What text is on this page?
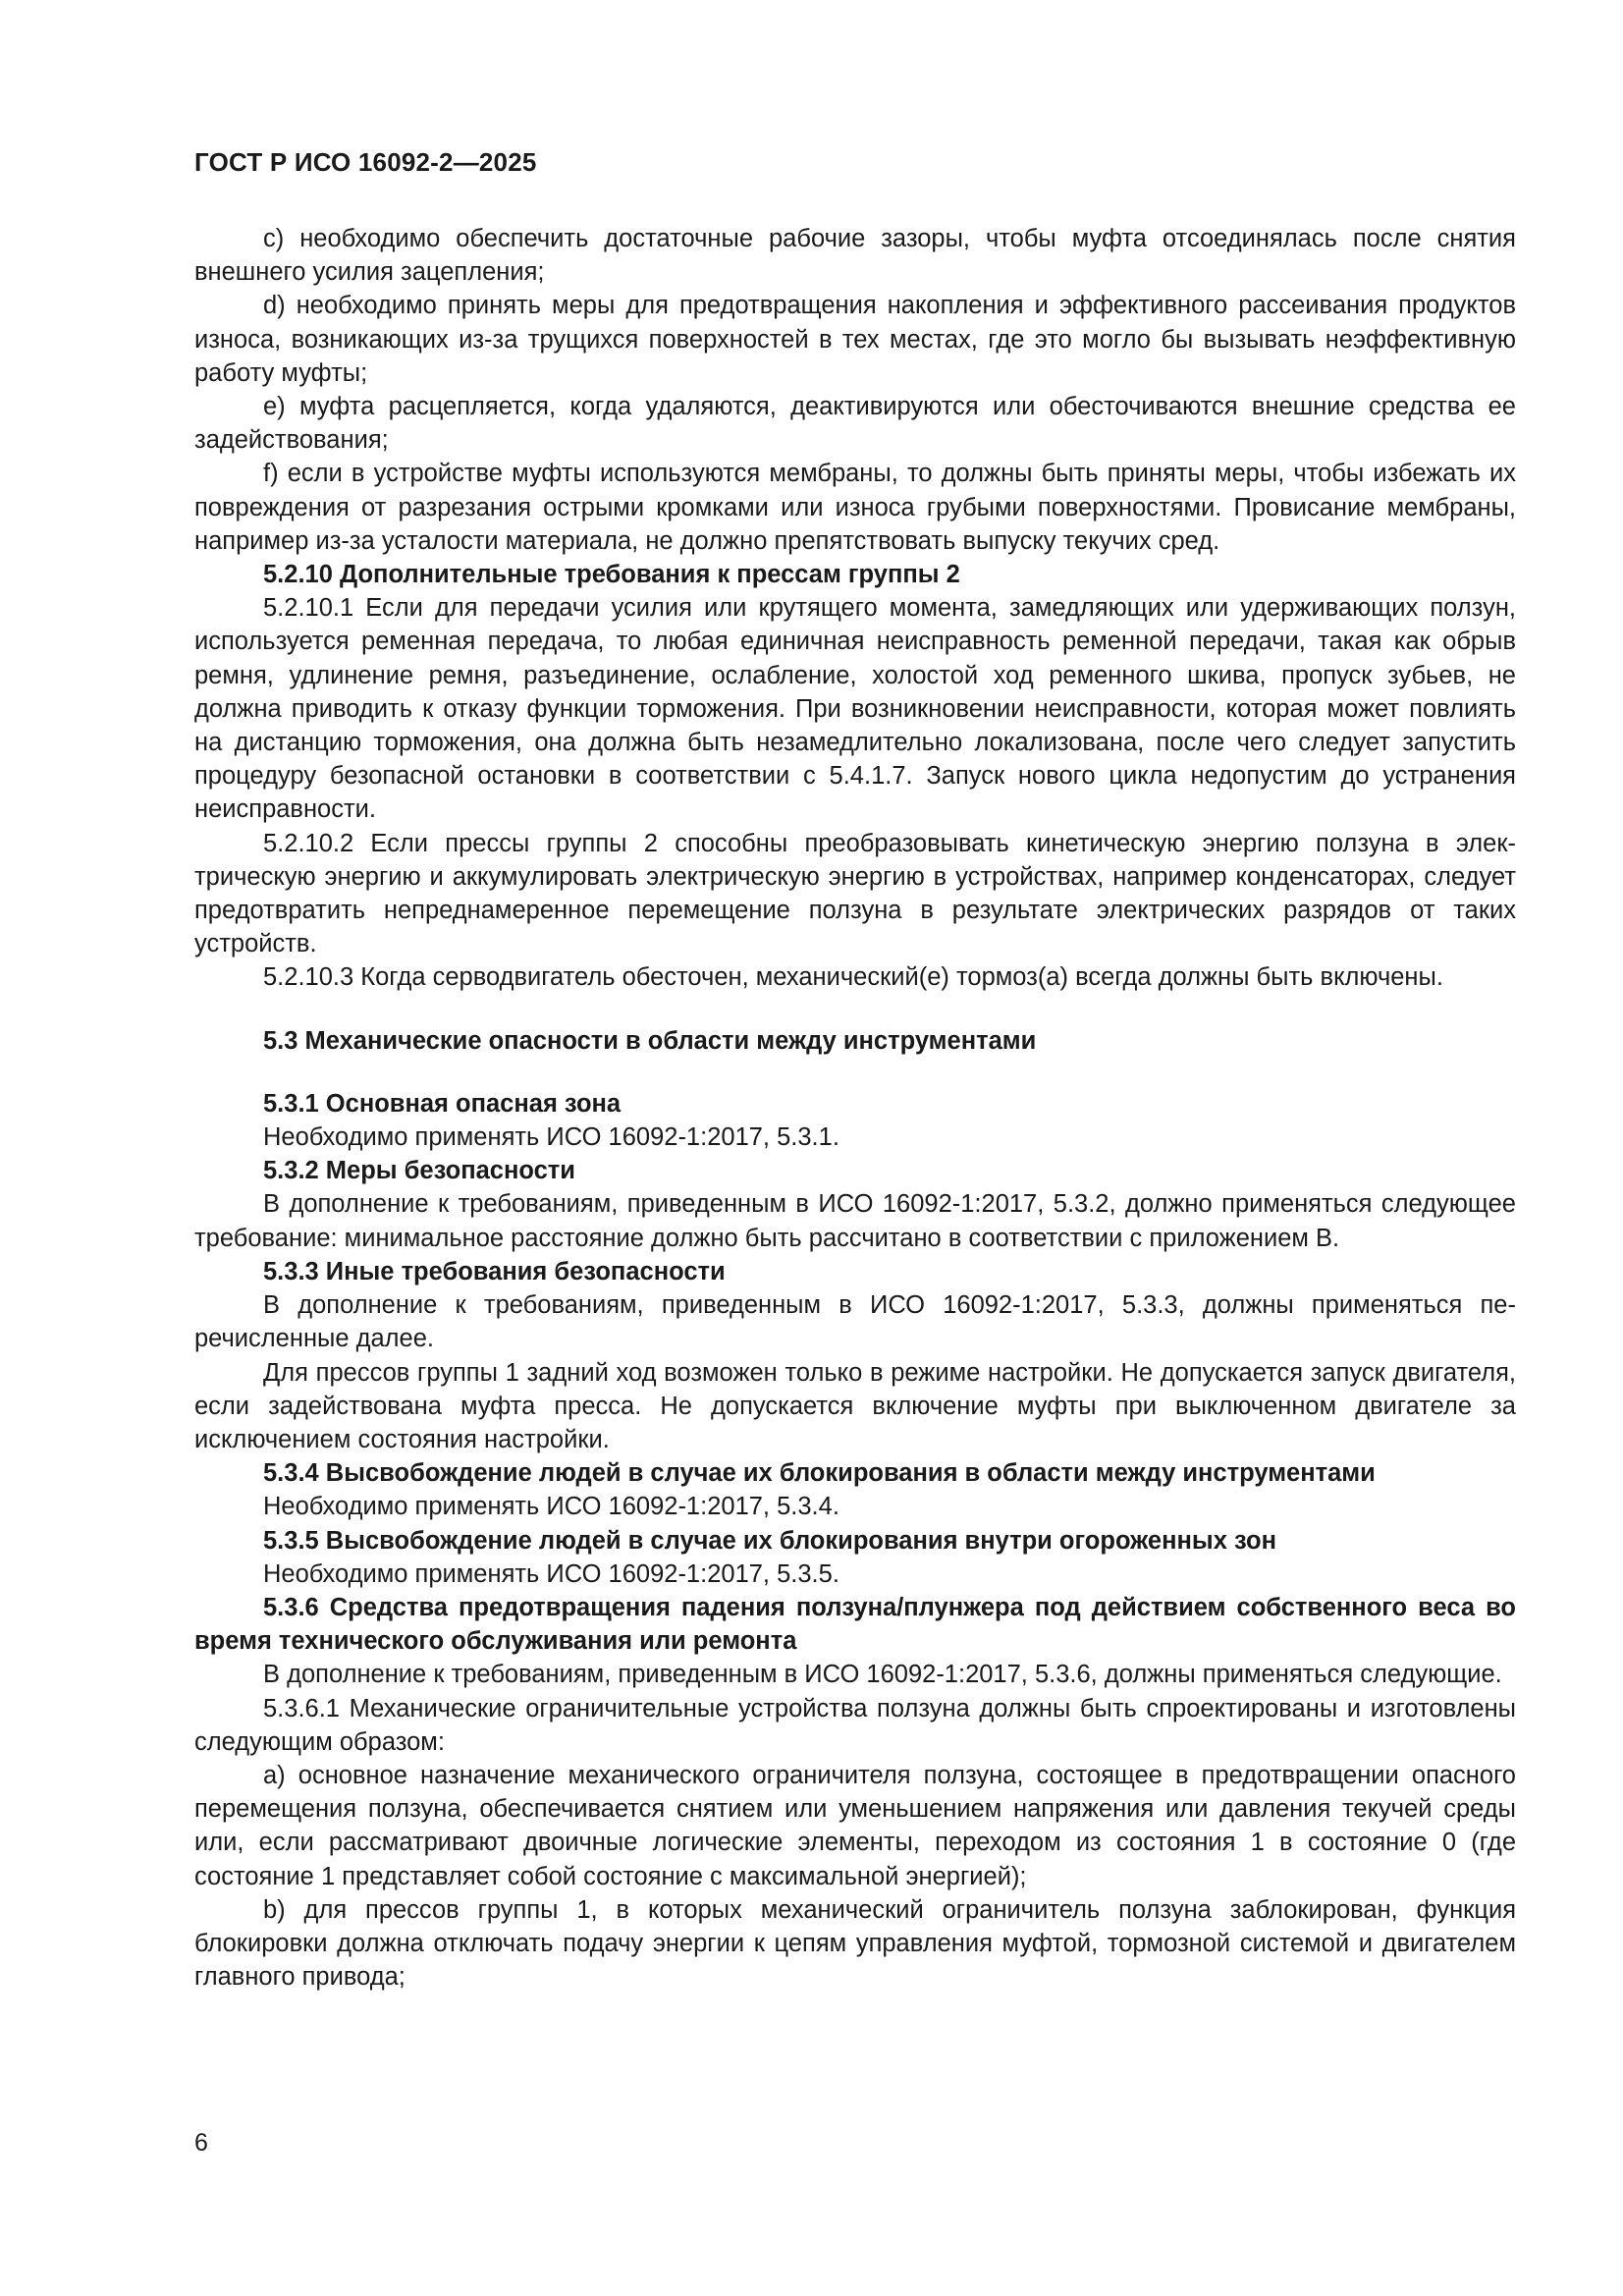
ГОСТ Р ИСО 16092-2—2025

c) необходимо обеспечить достаточные рабочие зазоры, чтобы муфта отсоединялась после снятия внешнего усилия зацепления;

d) необходимо принять меры для предотвращения накопления и эффективного рассеивания продуктов износа, возникающих из-за трущихся поверхностей в тех местах, где это могло бы вызывать неэффективную работу муфты;

e) муфта расцепляется, когда удаляются, деактивируются или обесточиваются внешние средства ее задействования;

f) если в устройстве муфты используются мембраны, то должны быть приняты меры, чтобы избежать их повреждения от разрезания острыми кромками или износа грубыми поверхностями. Провисание мембраны, например из-за усталости материала, не должно препятствовать выпуску текучих сред.

5.2.10 Дополнительные требования к прессам группы 2

5.2.10.1 Если для передачи усилия или крутящего момента, замедляющих или удерживающих ползун, используется ременная передача, то любая единичная неисправность ременной передачи, такая как обрыв ремня, удлинение ремня, разъединение, ослабление, холостой ход ременного шкива, пропуск зубьев, не должна приводить к отказу функции торможения. При возникновении неисправности, которая может повлиять на дистанцию торможения, она должна быть незамедлительно локализована, после чего следует запустить процедуру безопасной остановки в соответствии с 5.4.1.7. Запуск нового цикла недопустим до устранения неисправности.

5.2.10.2 Если прессы группы 2 способны преобразовывать кинетическую энергию ползуна в электрическую энергию и аккумулировать электрическую энергию в устройствах, например конденсаторах, следует предотвратить непреднамеренное перемещение ползуна в результате электрических разрядов от таких устройств.

5.2.10.3 Когда серводвигатель обесточен, механический(е) тормоз(а) всегда должны быть включены.

5.3 Механические опасности в области между инструментами

5.3.1 Основная опасная зона

Необходимо применять ИСО 16092-1:2017, 5.3.1.

5.3.2 Меры безопасности

В дополнение к требованиям, приведенным в ИСО 16092-1:2017, 5.3.2, должно применяться следующее требование: минимальное расстояние должно быть рассчитано в соответствии с приложением В.

5.3.3 Иные требования безопасности

В дополнение к требованиям, приведенным в ИСО 16092-1:2017, 5.3.3, должны применяться перечисленные далее.

Для прессов группы 1 задний ход возможен только в режиме настройки. Не допускается запуск двигателя, если задействована муфта пресса. Не допускается включение муфты при выключенном двигателе за исключением состояния настройки.

5.3.4 Высвобождение людей в случае их блокирования в области между инструментами

Необходимо применять ИСО 16092-1:2017, 5.3.4.

5.3.5 Высвобождение людей в случае их блокирования внутри огороженных зон

Необходимо применять ИСО 16092-1:2017, 5.3.5.

5.3.6 Средства предотвращения падения ползуна/плунжера под действием собственного веса во время технического обслуживания или ремонта

В дополнение к требованиям, приведенным в ИСО 16092-1:2017, 5.3.6, должны применяться следующие.

5.3.6.1 Механические ограничительные устройства ползуна должны быть спроектированы и изготовлены следующим образом:

a) основное назначение механического ограничителя ползуна, состоящее в предотвращении опасного перемещения ползуна, обеспечивается снятием или уменьшением напряжения или давления текучей среды или, если рассматривают двоичные логические элементы, переходом из состояния 1 в состояние 0 (где состояние 1 представляет собой состояние с максимальной энергией);

b) для прессов группы 1, в которых механический ограничитель ползуна заблокирован, функция блокировки должна отключать подачу энергии к цепям управления муфтой, тормозной системой и двигателем главного привода;

6
